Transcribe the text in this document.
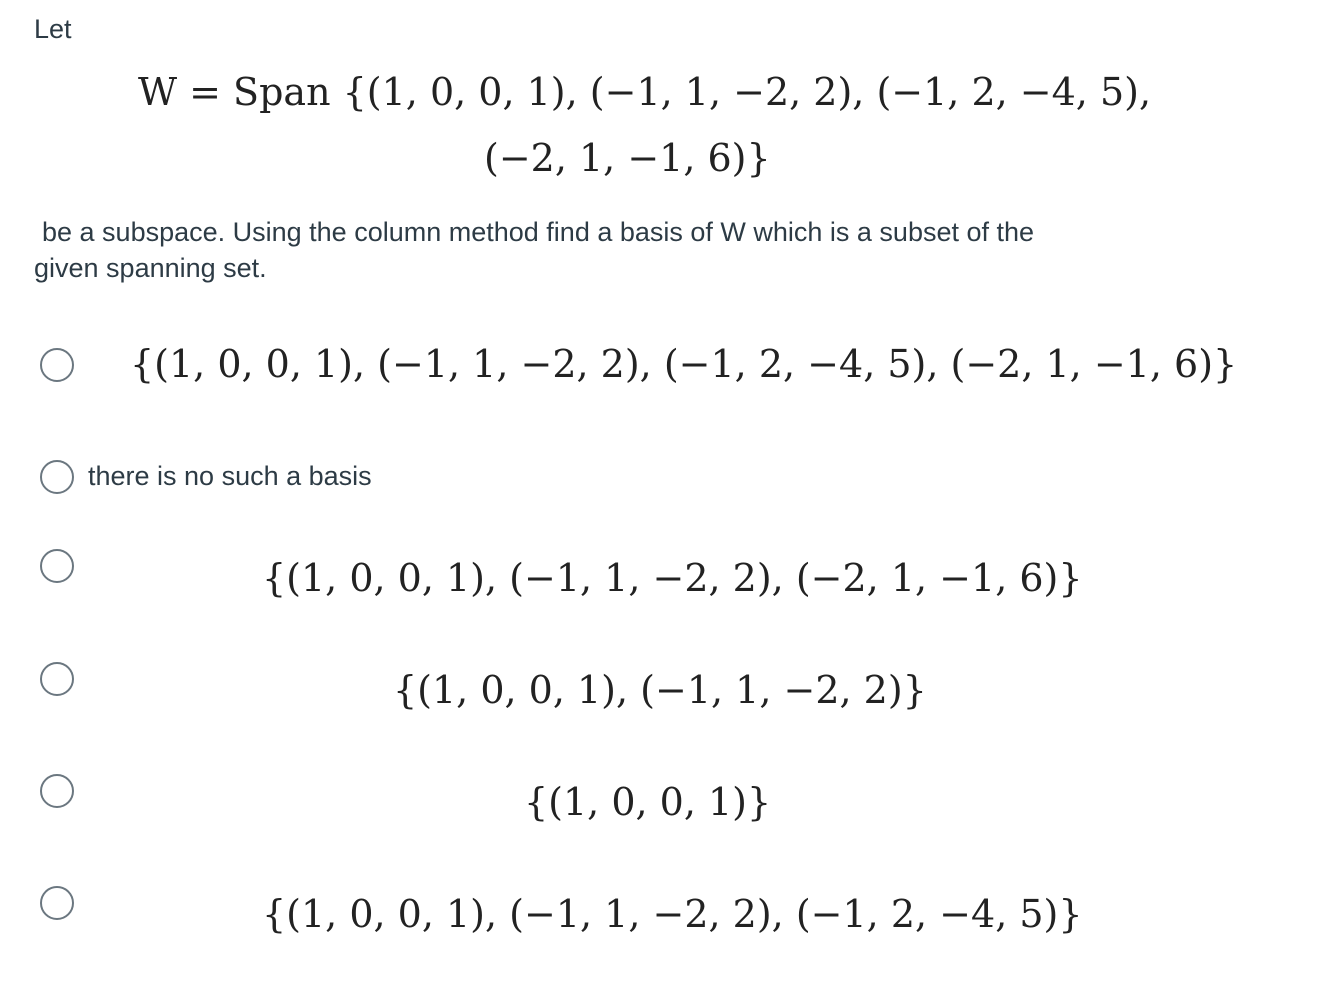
Let
W = Span {(1, 0, 0, 1), (−1, 1, −2, 2), (−1, 2, −4, 5),
(−2, 1, −1, 6)}
be a subspace. Using the column method find a basis of W which is a subset of the
given spanning set.
{(1, 0, 0, 1), (−1, 1, −2, 2), (−1, 2, −4, 5), (−2, 1, −1, 6)}
there is no such a basis
{(1, 0, 0, 1), (−1, 1, −2, 2), (−2, 1, −1, 6)}
{(1, 0, 0, 1), (−1, 1, −2, 2)}
{(1, 0, 0, 1)}
{(1, 0, 0, 1), (−1, 1, −2, 2), (−1, 2, −4, 5)}
